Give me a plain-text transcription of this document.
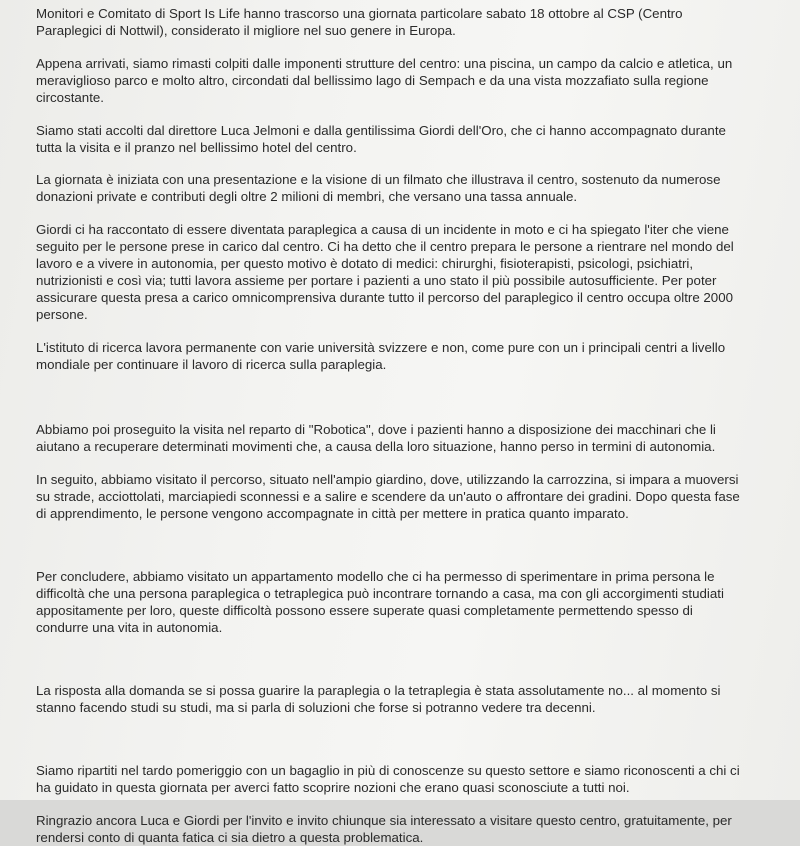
Monitori e Comitato di Sport Is Life hanno trascorso una giornata particolare sabato 18 ottobre al CSP (Centro Paraplegici di Nottwil), considerato il migliore nel suo genere in Europa.

Appena arrivati, siamo rimasti colpiti dalle imponenti strutture del centro: una piscina, un campo da calcio e atletica, un meraviglioso parco e molto altro, circondati dal bellissimo lago di Sempach e da una vista mozzafiato sulla regione circostante.

Siamo stati accolti dal direttore Luca Jelmoni e dalla gentilissima Giordi dell'Oro, che ci hanno accompagnato durante tutta la visita e il pranzo nel bellissimo hotel del centro.

La giornata è iniziata con una presentazione e la visione di un filmato che illustrava il centro, sostenuto da numerose donazioni private e contributi degli oltre 2 milioni di membri, che versano una tassa annuale.

Giordi ci ha raccontato di essere diventata paraplegica a causa di un incidente in moto e ci ha spiegato l'iter che viene seguito per le persone prese in carico dal centro. Ci ha detto che il centro prepara le persone a rientrare nel mondo del lavoro e a vivere in autonomia, per questo motivo è dotato di medici: chirurghi, fisioterapisti, psicologi, psichiatri, nutrizionisti e così via; tutti lavora assieme per portare i pazienti a uno stato il più possibile autosufficiente. Per poter assicurare questa presa a carico omnicomprensiva durante tutto il percorso del paraplegico il centro occupa oltre 2000 persone.

L'istituto di ricerca lavora permanente con varie università svizzere e non, come pure con un i principali centri a livello mondiale per continuare il lavoro di ricerca sulla paraplegia.

Abbiamo poi proseguito la visita nel reparto di "Robotica", dove i pazienti hanno a disposizione dei macchinari che li aiutano a recuperare determinati movimenti che, a causa della loro situazione, hanno perso in termini di autonomia.

In seguito, abbiamo visitato il percorso, situato nell'ampio giardino, dove, utilizzando la carrozzina, si impara a muoversi su strade, acciottolati, marciapiedi sconnessi e a salire e scendere da un'auto o affrontare dei gradini. Dopo questa fase di apprendimento, le persone vengono accompagnate in città per mettere in pratica quanto imparato.

Per concludere, abbiamo visitato un appartamento modello che ci ha permesso di sperimentare in prima persona le difficoltà che una persona paraplegica o tetraplegica può incontrare tornando a casa, ma con gli accorgimenti studiati appositamente per loro, queste difficoltà possono essere superate quasi completamente permettendo spesso di condurre una vita in autonomia.

La risposta alla domanda se si possa guarire la paraplegia o la tetraplegia è stata assolutamente no... al momento si stanno facendo studi su studi, ma si parla di soluzioni che forse si potranno vedere tra decenni.

Siamo ripartiti nel tardo pomeriggio con un bagaglio in più di conoscenze su questo settore e siamo riconoscenti a chi ci ha guidato in questa giornata per averci fatto scoprire nozioni che erano quasi sconosciute a tutti noi.

Ringrazio ancora Luca e Giordi per l'invito e invito chiunque sia interessato a visitare questo centro, gratuitamente, per rendersi conto di quanta fatica ci sia dietro a questa problematica.
